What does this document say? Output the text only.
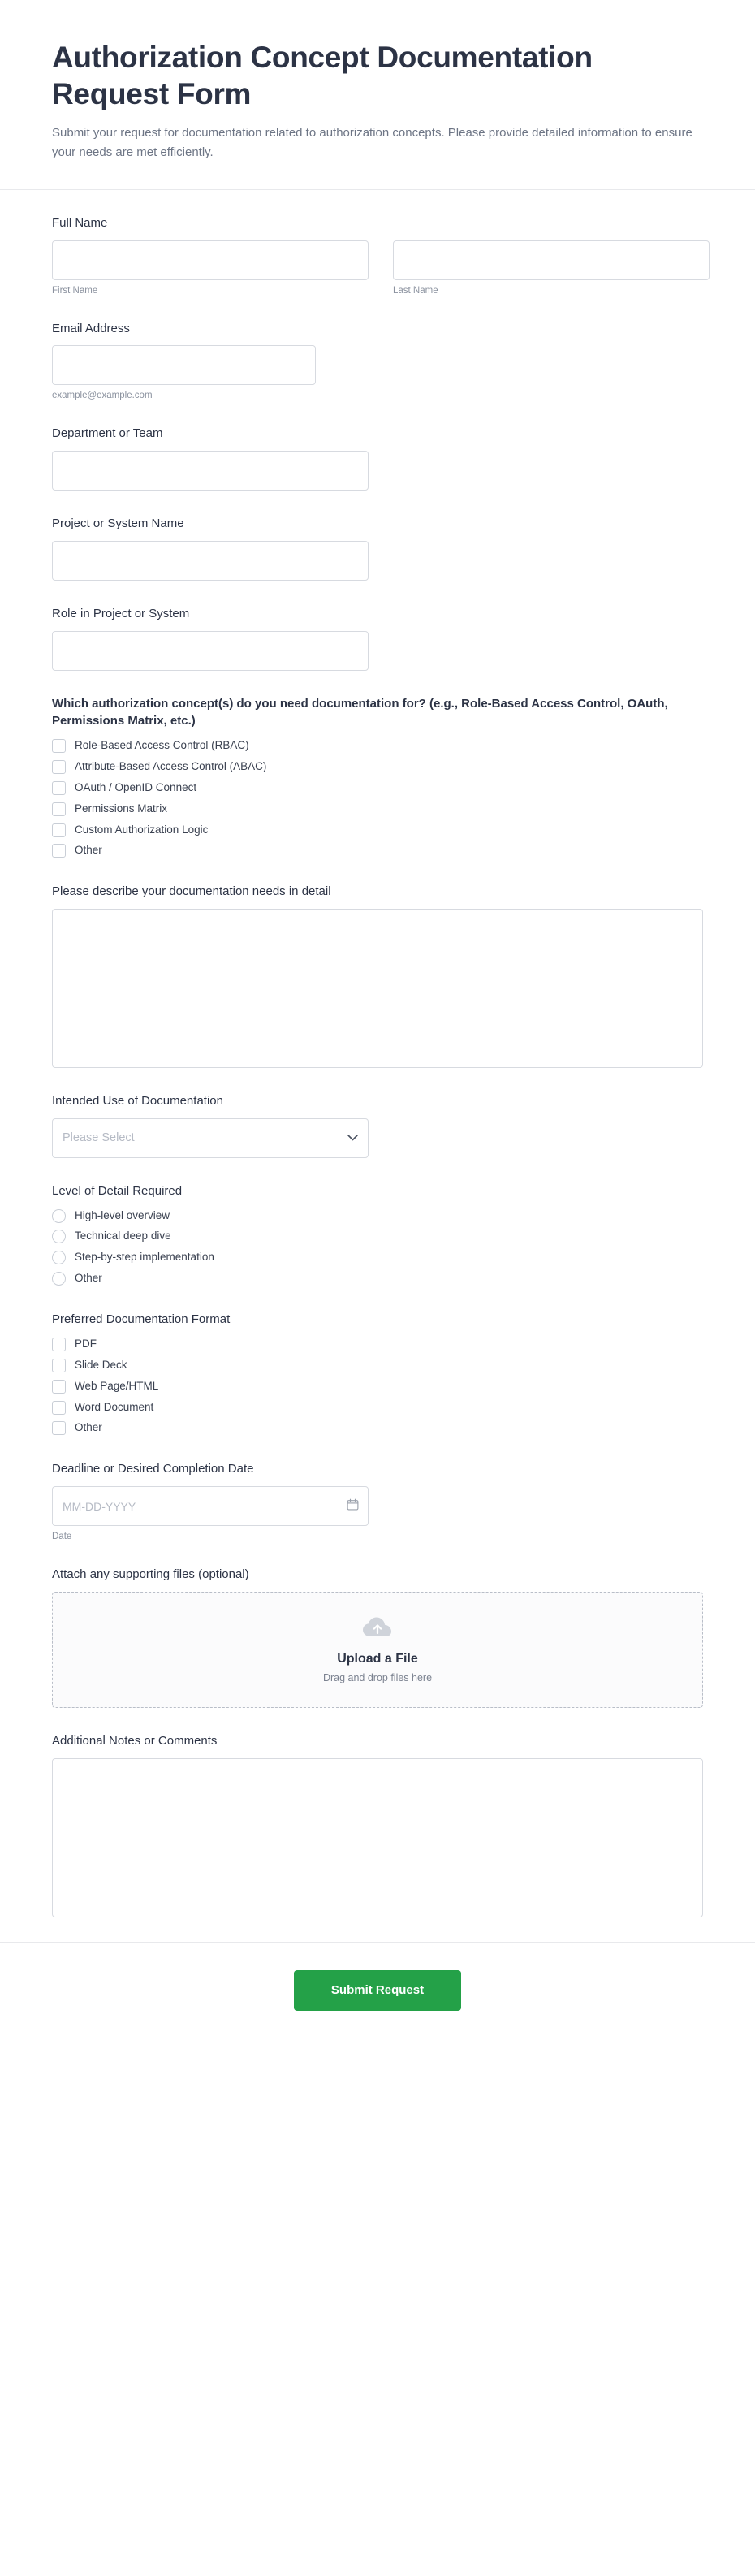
Authorization Concept Documentation Request Form

Submit your request for documentation related to authorization concepts. Please provide detailed information to ensure your needs are met efficiently.

Full Name
First Name	Last Name
Email Address
example@example.com
Department or Team
Project or System Name
Role in Project or System
Which authorization concept(s) do you need documentation for? (e.g., Role-Based Access Control, OAuth, Permissions Matrix, etc.)
Role-Based Access Control (RBAC)
Attribute-Based Access Control (ABAC)
OAuth / OpenID Connect
Permissions Matrix
Custom Authorization Logic
Other
Please describe your documentation needs in detail
Intended Use of Documentation
Please Select
Level of Detail Required
High-level overview
Technical deep dive
Step-by-step implementation
Other
Preferred Documentation Format
PDF
Slide Deck
Web Page/HTML
Word Document
Other
Deadline or Desired Completion Date
MM-DD-YYYY
Date
Attach any supporting files (optional)
Upload a File
Drag and drop files here
Additional Notes or Comments
Submit Request
